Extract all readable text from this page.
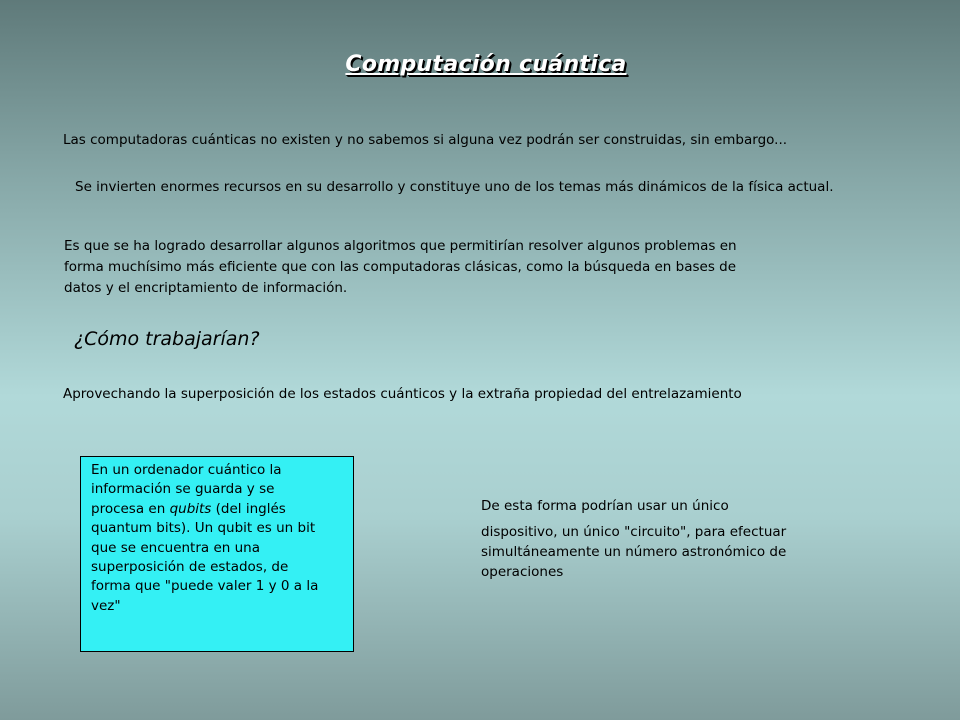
Computación cuántica
Las computadoras cuánticas no existen y no sabemos si alguna vez podrán ser construidas, sin embargo...
Se invierten enormes recursos en su desarrollo y constituye uno de los temas más dinámicos de la física actual.
Es que se ha logrado desarrollar algunos algoritmos que permitirían resolver algunos problemas en forma muchísimo más eficiente que con las computadoras clásicas, como la búsqueda en bases de datos y el encriptamiento de información.
¿Cómo trabajarían?
Aprovechando la superposición de los estados cuánticos y la extraña propiedad del entrelazamiento
En un ordenador cuántico la
información se guarda y se
procesa en qubits (del inglés
quantum bits). Un qubit es un bit
que se encuentra en una
superposición de estados, de
forma que "puede valer 1 y 0 a la
vez"
De esta forma podrían usar un único
dispositivo, un único "circuito", para efectuar
simultáneamente un número astronómico de
operaciones
